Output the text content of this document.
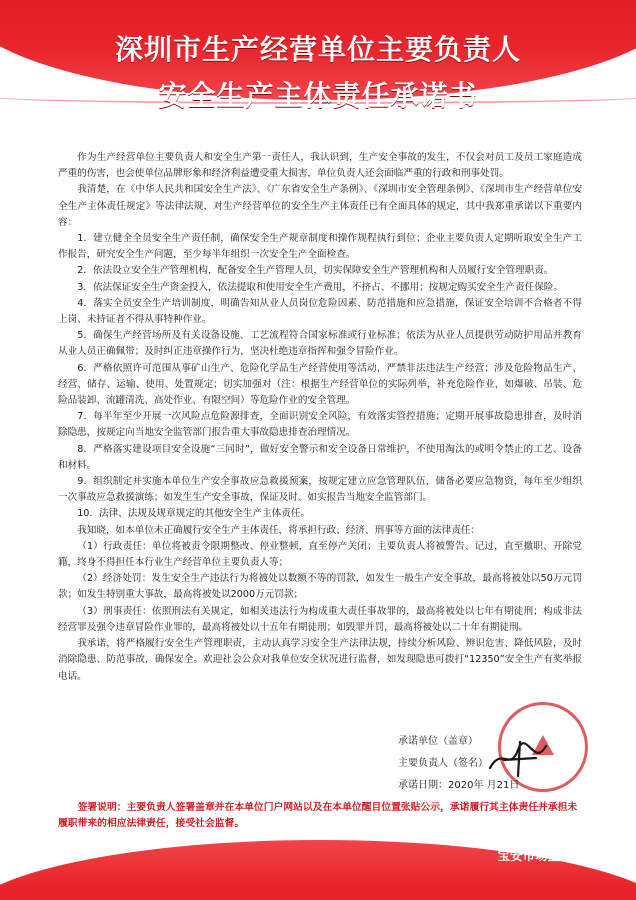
深圳市生产经营单位主要负责人
安全生产主体责任承诺书

作为生产经营单位主要负责人和安全生产第一责任人，我认识到，生产安全事故的发生，不仅会对员工及员工家庭造成严重的伤害，也会使单位品牌形象和经济利益遭受重大损害，单位负责人还会面临严重的行政和刑事处罚。

我清楚，在《中华人民共和国安全生产法》、《广东省安全生产条例》、《深圳市安全管理条例》、《深圳市生产经营单位安全生产主体责任规定》等法律法规，对生产经营单位的安全生产主体责任已有全面具体的规定，其中我郑重承诺以下重要内容：

1．建立健全全员安全生产责任制，确保安全生产规章制度和操作规程执行到位；企业主要负责人定期听取安全生产工作报告，研究安全生产问题，至少每半年组织一次安全生产全面检查。

2．依法设立安全生产管理机构，配备安全生产管理人员，切实保障安全生产管理机构和人员履行安全管理职责。

3．依法保证安全生产资金投入，依法提取和使用安全生产费用，不挤占、不挪用；按规定购买安全生产责任保险。

4．落实全员安全生产培训制度，明确告知从业人员岗位危险因素、防范措施和应急措施，保证安全培训不合格者不得上岗、未持证者不得从事特种作业。

5．确保生产经营场所及有关设备设施、工艺流程符合国家标准或行业标准；依法为从业人员提供劳动防护用品并教育从业人员正确佩带；及时纠正违章操作行为，坚决杜绝违章指挥和强令冒险作业。

6．严格依照许可范围从事矿山生产、危险化学品生产经营使用等活动，严禁非法违法生产经营；涉及危险物品生产、经营、储存、运输、使用、处置规定；切实加强对（注：根据生产经营单位的实际列举，补充危险作业，如爆破、吊装、危险品装卸、流罐清洗、高处作业、有限空间）等危险作业的安全管理。

7．每半年至少开展一次风险点危险源排查，全面识别安全风险，有效落实管控措施；定期开展事故隐患排查，及时消除隐患，按规定向当地安全监管部门报告重大事故隐患排查治理情况。

8．严格落实建设项目安全设施“三同时”，做好安全警示和安全设备日常维护，不使用淘汰的或明令禁止的工艺、设备和材料。

9．组织制定并实施本单位生产安全事故应急救援预案，按规定建立应急管理队伍，储备必要应急物资，每年至少组织一次事故应急救援演练；如发生生产安全事故，保证及时、如实报告当地安全监管部门。

10．法律、法规及规章规定的其他安全生产主体责任。

我知晓，如本单位未正确履行安全生产主体责任，将承担行政、经济、刑事等方面的法律责任：

（1）行政责任：单位将被责令限期整改、停业整顿，直至停产关闭；主要负责人将被警告、记过，直至撤职、开除党籍，终身不得担任本行业生产经营单位主要负责人等；

（2）经济处罚：发生安全生产违法行为将被处以数额不等的罚款，如发生一般生产安全事故，最高将被处以50万元罚款；如发生特别重大事故，最高将被处以2000万元罚款；

（3）刑事责任：依照刑法有关规定，如相关违法行为构成重大责任事故罪的，最高将被处以七年有期徒刑；构成非法经营罪及强令违章冒险作业罪的，最高将被处以十五年有期徒刑；如毁罪并罚，最高将被处以二十年有期徒刑。

我承诺，将严格履行安全生产管理职责，主动认真学习安全生产法律法规，持续分析风险、辨识危害、降低风险，及时消除隐患、防范事故，确保安全。欢迎社会公众对我单位安全状况进行监督，如发现隐患可拨打“12350”安全生产有奖举报电话。

承诺单位（盖章）
主要负责人（签名）
承诺日期：2020年 月21日
签署说明：主要负责人签署盖章并在本单位门户网站以及在本单位醒目位置张贴公示，承诺履行其主体责任并承担未履职带来的相应法律责任，接受社会监督。
宝安市场监管局 制
